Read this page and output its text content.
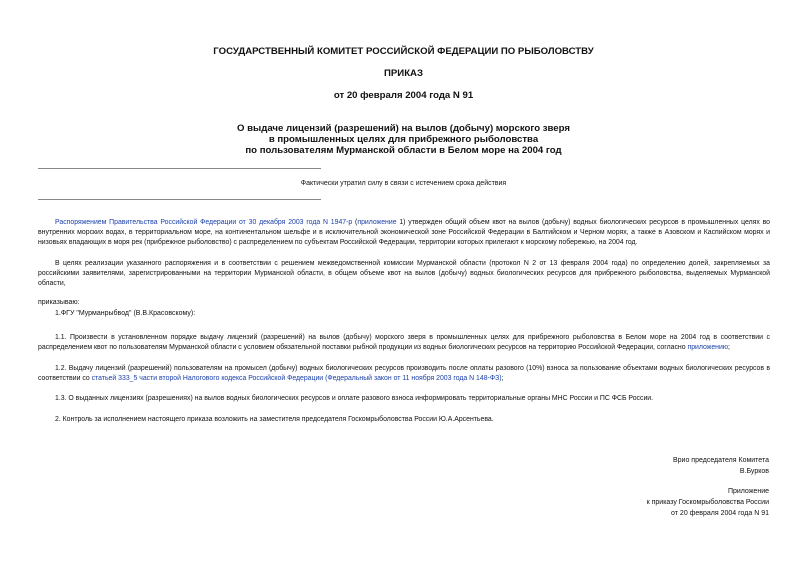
ГОСУДАРСТВЕННЫЙ КОМИТЕТ РОССИЙСКОЙ ФЕДЕРАЦИИ ПО РЫБОЛОВСТВУ
ПРИКАЗ
от 20 февраля 2004 года N 91
О выдаче лицензий (разрешений) на вылов (добычу) морского зверя
в промышленных целях для прибрежного рыболовства
по пользователям Мурманской области в Белом море на 2004 год
Фактически утратил силу в связи с истечением срока действия
Распоряжением Правительства Российской Федерации от 30 декабря 2003 года N 1947-р (приложение 1) утвержден общий объем квот на вылов (добычу) водных биологических ресурсов в промышленных целях во внутренних морских водах, в территориальном море, на континентальном шельфе и в исключительной экономической зоне Российской Федерации в Балтийском и Черном морях, а также в Азовском и Каспийском морях и низовьях впадающих в моря рек (прибрежное рыболовство) с распределением по субъектам Российской Федерации, территории которых прилегают к морскому побережью, на 2004 год.
В целях реализации указанного распоряжения и в соответствии с решением межведомственной комиссии Мурманской области (протокол N 2 от 13 февраля 2004 года) по определению долей, закрепляемых за российскими заявителями, зарегистрированными на территории Мурманской области, в общем объеме квот на вылов (добычу) водных биологических ресурсов для прибрежного рыболовства, выделяемых Мурманской области,
приказываю:
1.ФГУ "Мурманрыбвод" (В.В.Красовскому):
1.1. Произвести в установленном порядке выдачу лицензий (разрешений) на вылов (добычу) морского зверя в промышленных целях для прибрежного рыболовства в Белом море на 2004 год в соответствии с распределением квот по пользователям Мурманской области с условием обязательной поставки рыбной продукции из водных биологических ресурсов на территорию Российской Федерации, согласно приложению;
1.2. Выдачу лицензий (разрешений) пользователям на промысел (добычу) водных биологических ресурсов производить после оплаты разового (10%) взноса за пользование объектами водных биологических ресурсов в соответствии со статьей 333_5 части второй Налогового кодекса Российской Федерации (Федеральный закон от 11 ноября 2003 года N 148-ФЗ);
1.3. О выданных лицензиях (разрешениях) на вылов водных биологических ресурсов и оплате разового взноса информировать территориальные органы МНС России и ПС ФСБ России.
2. Контроль за исполнением настоящего приказа возложить на заместителя председателя Госкомрыболовства России Ю.А.Арсентьева.
Врио председателя Комитета
В.Бурков
Приложение
к приказу Госкомрыболовства России
от 20 февраля 2004 года N 91
